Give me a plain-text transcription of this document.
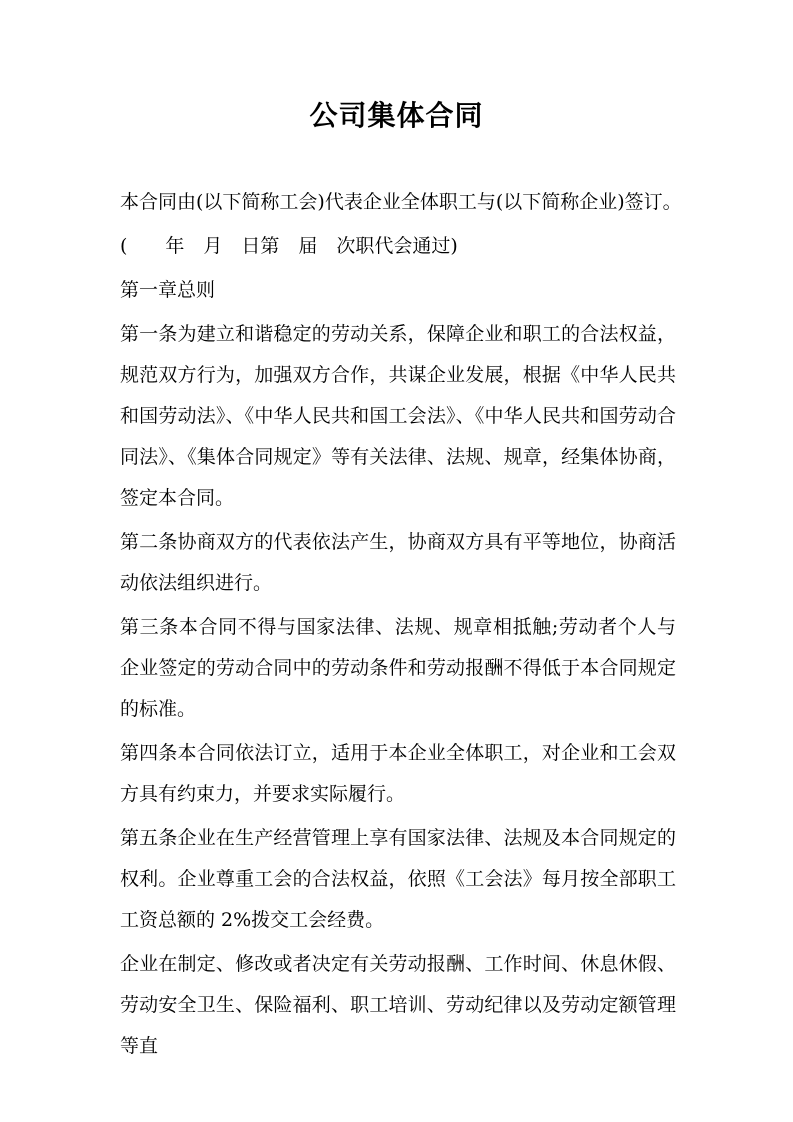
公司集体合同

本合同由(以下简称工会)代表企业全体职工与(以下简称企业)签订。

(　　年　月　日第　届　次职代会通过)

第一章总则

第一条为建立和谐稳定的劳动关系，保障企业和职工的合法权益，规范双方行为，加强双方合作，共谋企业发展，根据《中华人民共和国劳动法》、《中华人民共和国工会法》、《中华人民共和国劳动合同法》、《集体合同规定》等有关法律、法规、规章，经集体协商，签定本合同。

第二条协商双方的代表依法产生，协商双方具有平等地位，协商活动依法组织进行。

第三条本合同不得与国家法律、法规、规章相抵触;劳动者个人与企业签定的劳动合同中的劳动条件和劳动报酬不得低于本合同规定的标准。

第四条本合同依法订立，适用于本企业全体职工，对企业和工会双方具有约束力，并要求实际履行。

第五条企业在生产经营管理上享有国家法律、法规及本合同规定的权利。企业尊重工会的合法权益，依照《工会法》每月按全部职工工资总额的 2%拨交工会经费。

企业在制定、修改或者决定有关劳动报酬、工作时间、休息休假、劳动安全卫生、保险福利、职工培训、劳动纪律以及劳动定额管理等直
